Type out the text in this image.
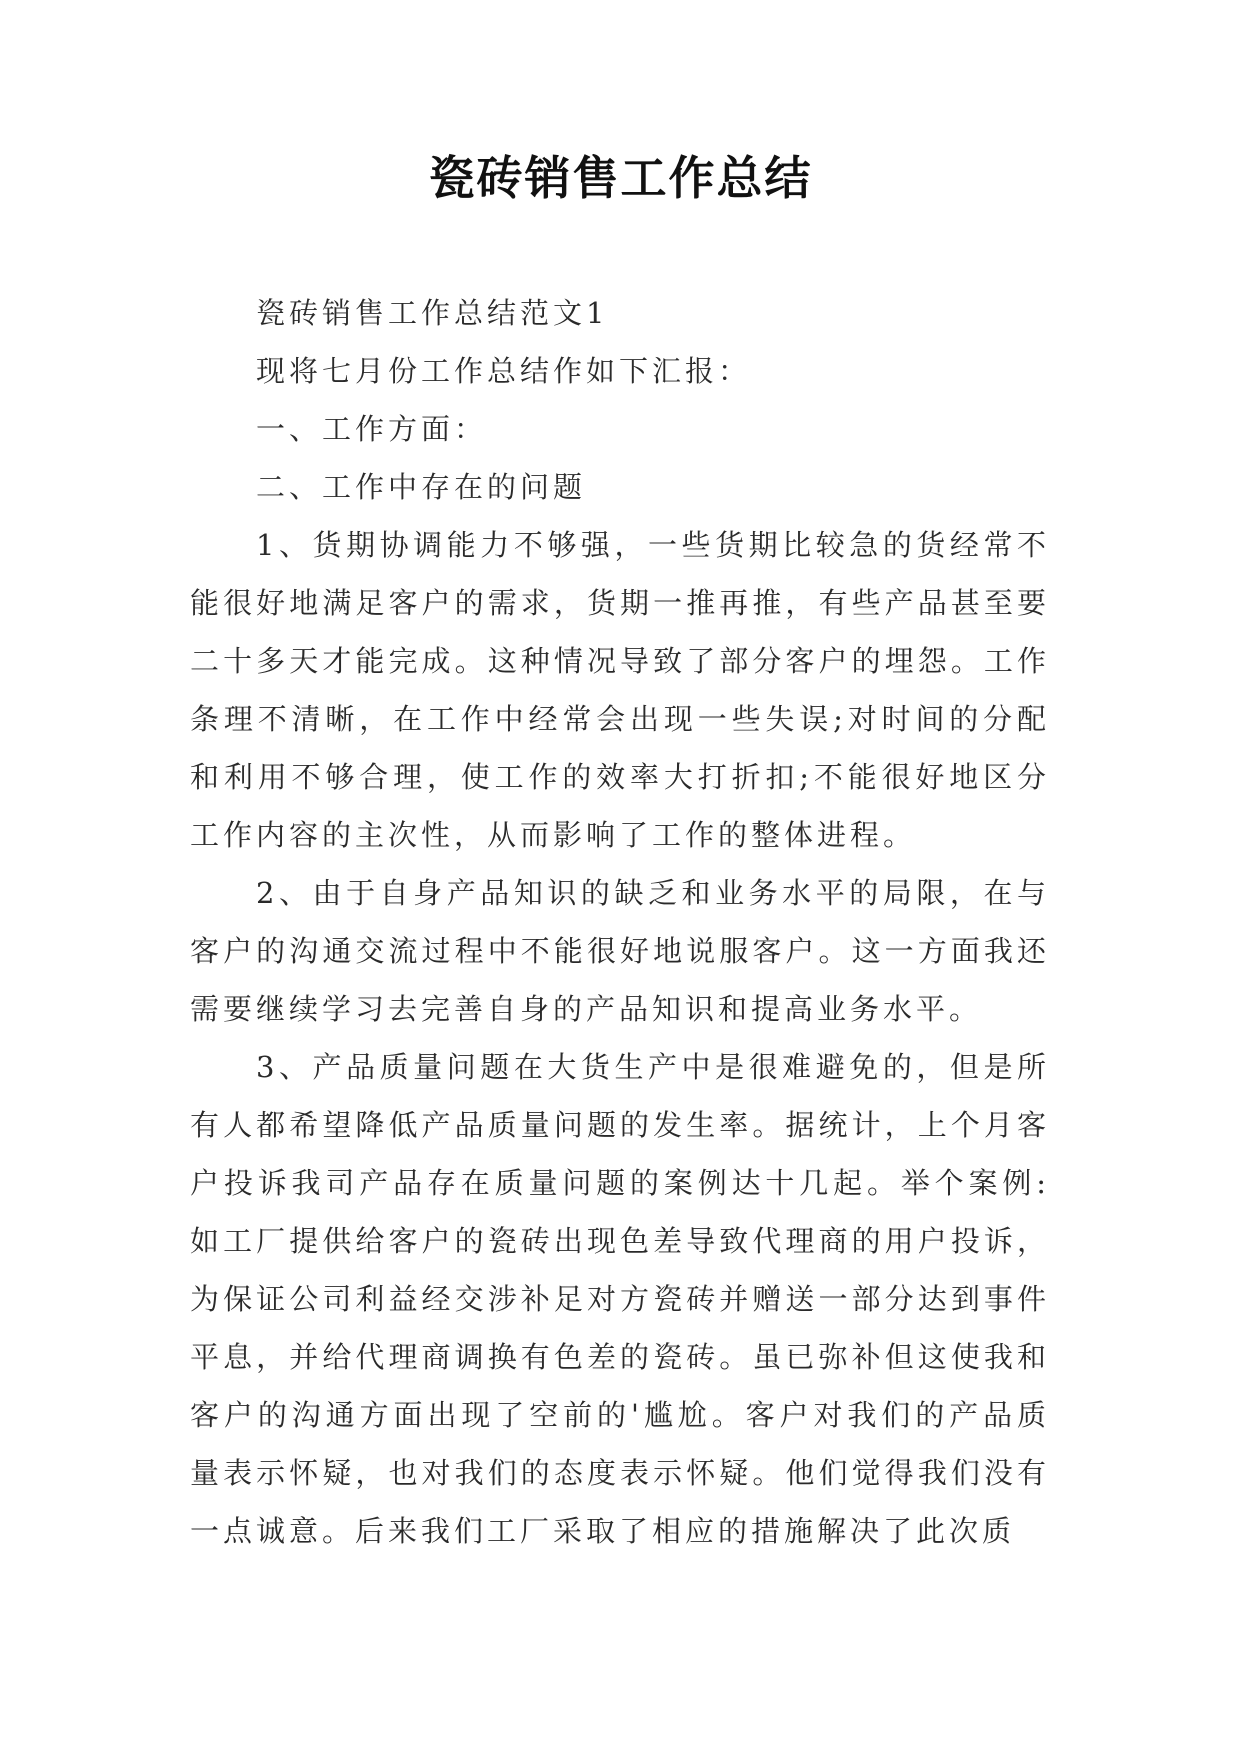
瓷砖销售工作总结

瓷砖销售工作总结范文1

现将七月份工作总结作如下汇报：

一、工作方面：

二、工作中存在的问题

1、货期协调能力不够强，一些货期比较急的货经常不能很好地满足客户的需求，货期一推再推，有些产品甚至要二十多天才能完成。这种情况导致了部分客户的埋怨。工作条理不清晰，在工作中经常会出现一些失误;对时间的分配和利用不够合理，使工作的效率大打折扣;不能很好地区分工作内容的主次性，从而影响了工作的整体进程。

2、由于自身产品知识的缺乏和业务水平的局限，在与客户的沟通交流过程中不能很好地说服客户。这一方面我还需要继续学习去完善自身的产品知识和提高业务水平。

3、产品质量问题在大货生产中是很难避免的，但是所有人都希望降低产品质量问题的发生率。据统计，上个月客户投诉我司产品存在质量问题的案例达十几起。举个案例:如工厂提供给客户的瓷砖出现色差导致代理商的用户投诉，为保证公司利益经交涉补足对方瓷砖并赠送一部分达到事件平息，并给代理商调换有色差的瓷砖。虽已弥补但这使我和客户的沟通方面出现了空前的'尴尬。客户对我们的产品质量表示怀疑，也对我们的态度表示怀疑。他们觉得我们没有一点诚意。后来我们工厂采取了相应的措施解决了此次质
